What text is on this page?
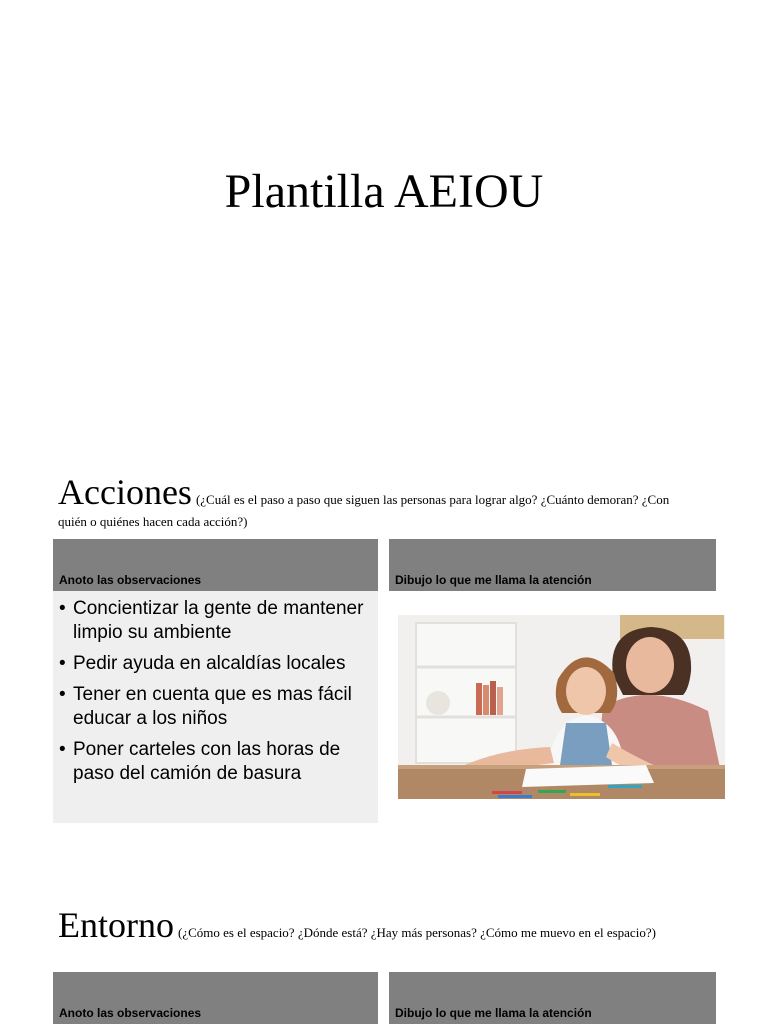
Plantilla AEIOU
Acciones (¿Cuál es el paso a paso que siguen las personas para lograr algo? ¿Cuánto demoran? ¿Con quién o quiénes hacen cada acción?)
Anoto las observaciones	Dibujo lo que me llama la atención
• Concientizar la gente de mantener limpio su ambiente
• Pedir ayuda en alcaldías locales
• Tener en cuenta que es mas fácil educar a los niños
• Poner carteles con las horas de paso del camión de basura
Entorno (¿Cómo es el espacio? ¿Dónde está? ¿Hay más personas? ¿Cómo me muevo en el espacio?)
Anoto las observaciones	Dibujo lo que me llama la atención
